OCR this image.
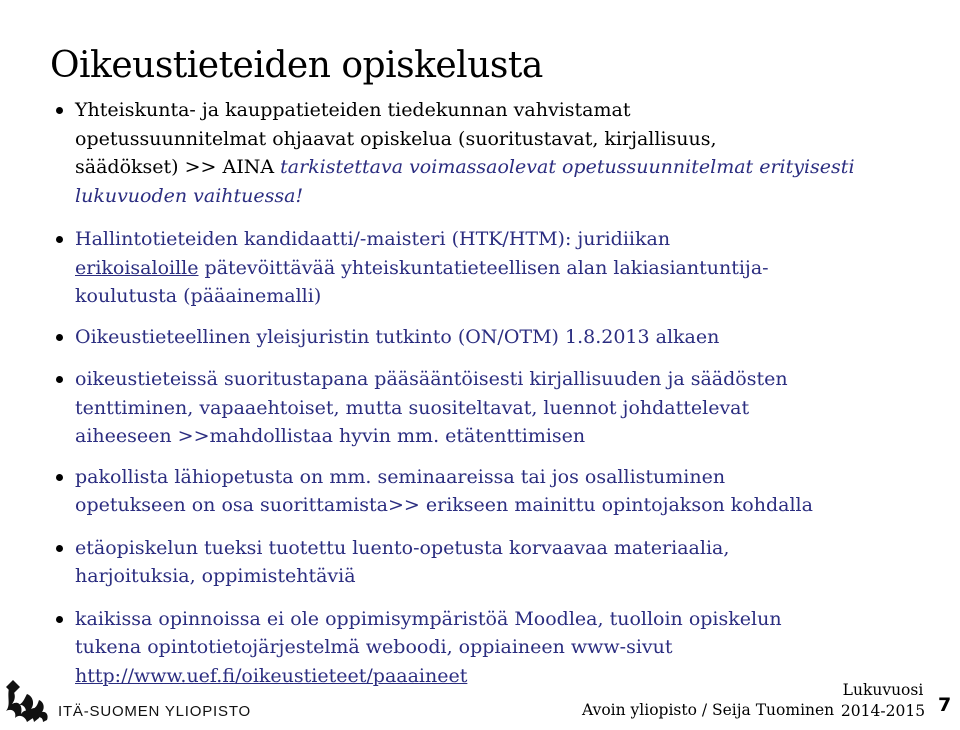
Oikeustieteiden opiskelusta
Yhteiskunta- ja kauppatieteiden tiedekunnan vahvistamat
opetussuunnitelmat ohjaavat opiskelua (suoritustavat, kirjallisuus,
säädökset) >> AINA tarkistettava voimassaolevat opetussuunnitelmat erityisesti
lukuvuoden vaihtuessa!
Hallintotieteiden kandidaatti/-maisteri (HTK/HTM): juridiikan
erikoisaloille pätevöittävää yhteiskuntatieteellisen alan lakiasiantuntija-
koulutusta (pääainemalli)
Oikeustieteellinen yleisjuristin tutkinto (ON/OTM) 1.8.2013 alkaen
oikeustieteissä suoritustapana pääsääntöisesti kirjallisuuden ja säädösten
tenttiminen, vapaaehtoiset, mutta suositeltavat, luennot johdattelevat
aiheeseen >>mahdollistaa hyvin mm. etätenttimisen
pakollista lähiopetusta on mm. seminaareissa tai jos osallistuminen
opetukseen on osa suorittamista>> erikseen mainittu opintojakson kohdalla
etäopiskelun tueksi tuotettu luento-opetusta korvaavaa materiaalia,
harjoituksia, oppimistehtäviä
kaikissa opinnoissa ei ole oppimisympäristöä Moodlea, tuolloin opiskelun
tukena opintotietojärjestelmä weboodi, oppiaineen www-sivut
http://www.uef.fi/oikeustieteet/paaaineet
ITÄ-SUOMEN YLIOPISTO	Avoin yliopisto / Seija Tuominen
Lukuvuosi
2014-2015 7
